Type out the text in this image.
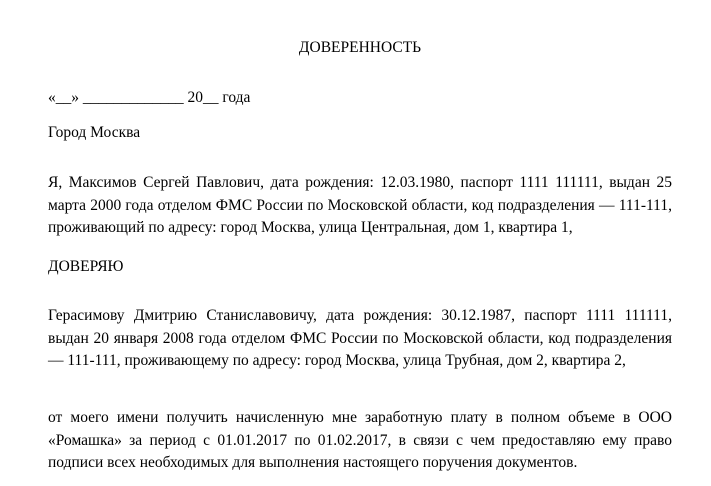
ДОВЕРЕННОСТЬ

«__» _____________ 20__ года

Город Москва

Я, Максимов Сергей Павлович, дата рождения: 12.03.1980, паспорт 1111 111111, выдан 25 марта 2000 года отделом ФМС России по Московской области, код подразделения — 111-111, проживающий по адресу: город Москва, улица Центральная, дом 1, квартира 1,

ДОВЕРЯЮ

Герасимову Дмитрию Станиславовичу, дата рождения: 30.12.1987, паспорт 1111 111111, выдан 20 января 2008 года отделом ФМС России по Московской области, код подразделения — 111-111, проживающему по адресу: город Москва, улица Трубная, дом 2, квартира 2,

от моего имени получить начисленную мне заработную плату в полном объеме в ООО «Ромашка» за период с 01.01.2017 по 01.02.2017, в связи с чем предоставляю ему право подписи всех необходимых для выполнения настоящего поручения документов.
